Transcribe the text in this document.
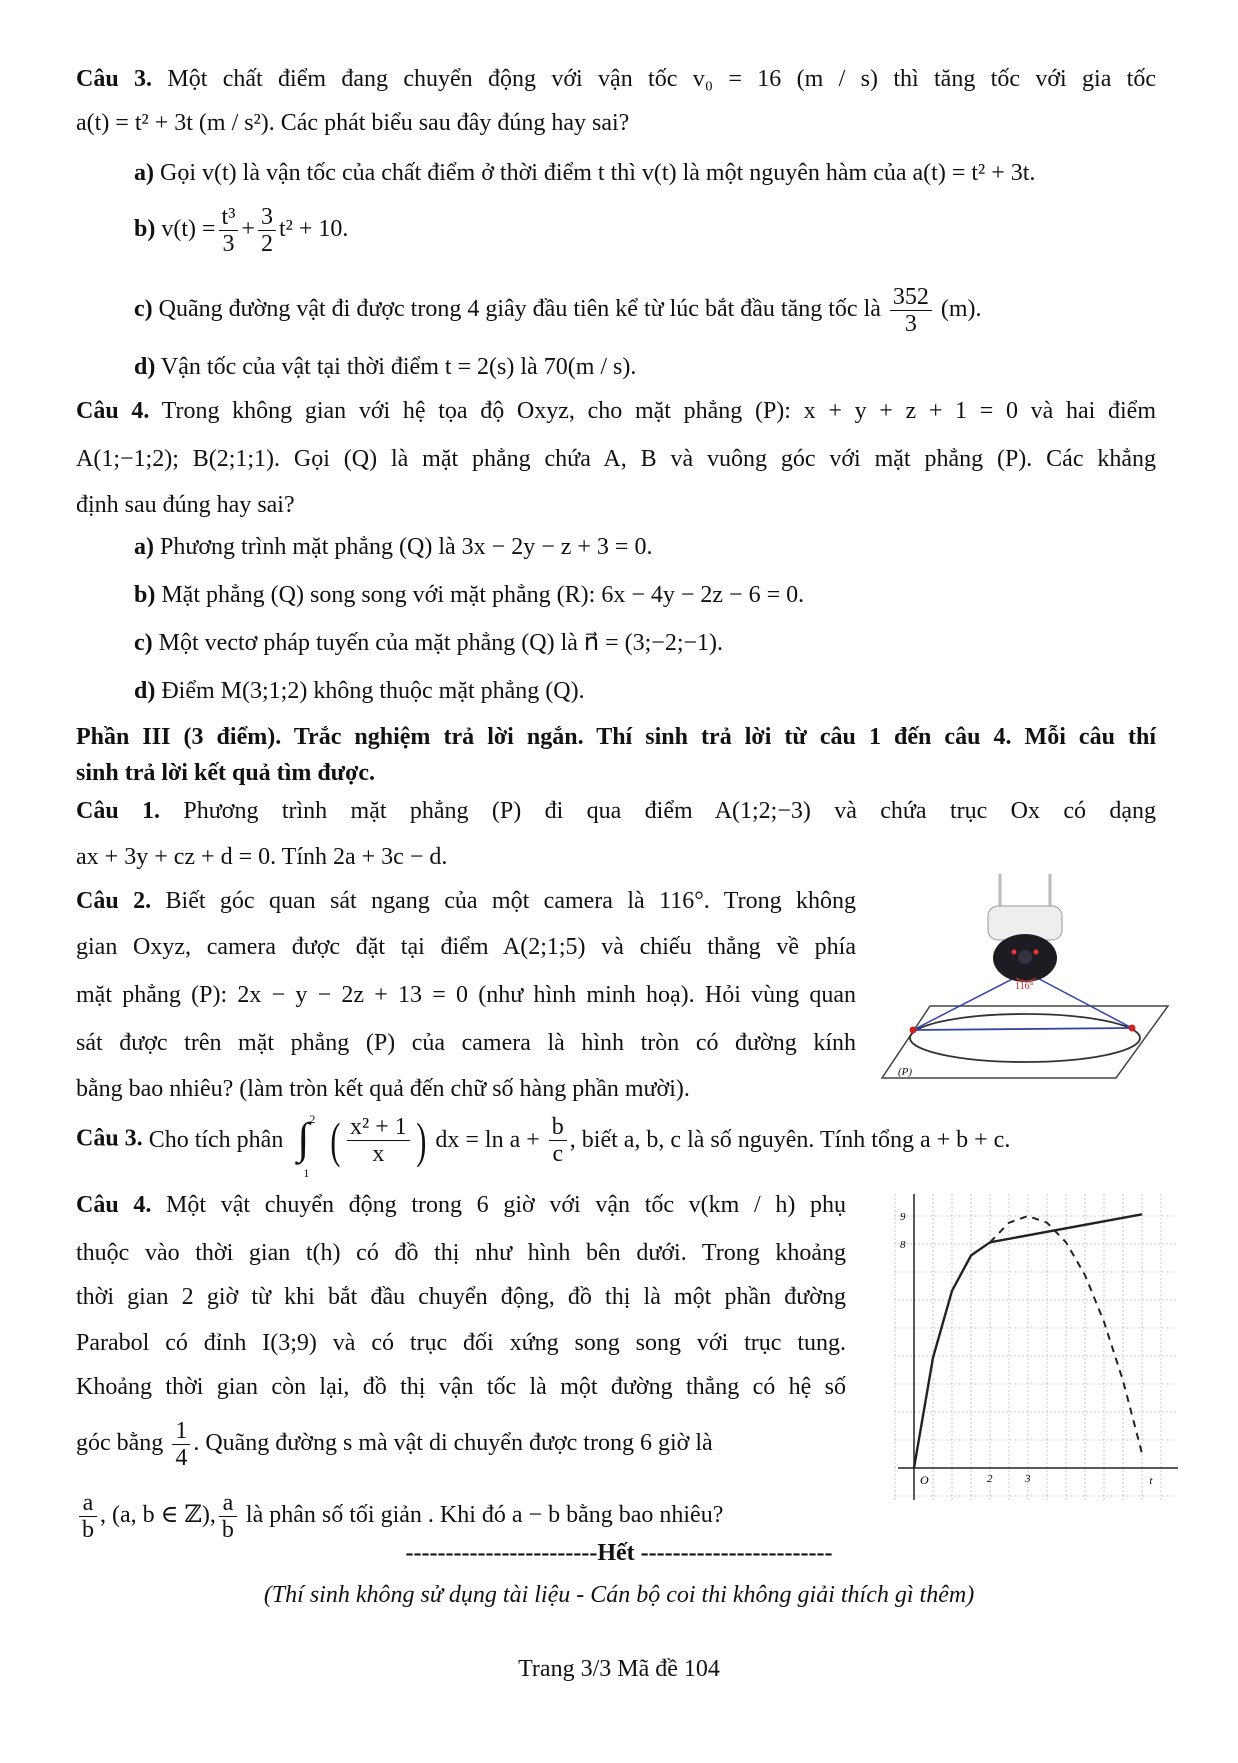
Câu 3. Một chất điểm đang chuyển động với vận tốc v₀ = 16 (m / s) thì tăng tốc với gia tốc
a(t) = t² + 3t (m / s²). Các phát biểu sau đây đúng hay sai?
a) Gọi v(t) là vận tốc của chất điểm ở thời điểm t thì v(t) là một nguyên hàm của a(t) = t² + 3t.
b) $v(t) = \frac{\text{t³}}{3} + \frac{3}{2} t^2 + 10$.
c) Quãng đường vật đi được trong 4 giây đầu tiên kể từ lúc bắt đầu tăng tốc là $\frac{352}{3} (m)$.
d) Vận tốc của vật tại thời điểm t = 2(s) là 70(m / s).
Câu 4. Trong không gian với hệ tọa độ Oxyz, cho mặt phẳng (P): x + y + z + 1 = 0 và hai điểm
A(1;−1;2); B(2;1;1). Gọi (Q) là mặt phẳng chứa A, B và vuông góc với mặt phẳng (P). Các khẳng
định sau đúng hay sai?
a) Phương trình mặt phẳng (Q) là 3x − 2y − z + 3 = 0.
b) Mặt phẳng (Q) song song với mặt phẳng (R): 6x − 4y − 2z − 6 = 0.
c) Một vectơ pháp tuyến của mặt phẳng (Q) là n⃗ = (3;−2;−1).
d) Điểm M(3;1;2) không thuộc mặt phẳng (Q).
Phần III (3 điểm). Trắc nghiệm trả lời ngắn. Thí sinh trả lời từ câu 1 đến câu 4. Mỗi câu thí
sinh trả lời kết quả tìm được.
Câu 1. Phương trình mặt phẳng (P) đi qua điểm A(1;2;−3) và chứa trục Ox có dạng
ax + 3y + cz + d = 0. Tính 2a + 3c − d.
Câu 2. Biết góc quan sát ngang của một camera là 116°. Trong không
gian Oxyz, camera được đặt tại điểm A(2;1;5) và chiếu thẳng về phía
mặt phẳng (P): 2x − y − 2z + 13 = 0 (như hình minh hoạ). Hỏi vùng quan
sát được trên mặt phẳng (P) của camera là hình tròn có đường kính
bằng bao nhiêu? (làm tròn kết quả đến chữ số hàng phần mười).
116°
(P)
Câu 3. Cho tích phân ∫ 2
1
( $\frac{\text{x² + 1}}{x}$ ) dx = $\ln a + \frac{b}{c}$ , biết a, b, c là số nguyên. Tính tổng a + b + c.
Câu 4. Một vật chuyển động trong 6 giờ với vận tốc v(km / h) phụ
thuộc vào thời gian t(h) có đồ thị như hình bên dưới. Trong khoảng
thời gian 2 giờ từ khi bắt đầu chuyển động, đồ thị là một phần đường
Parabol có đỉnh I(3;9) và có trục đối xứng song song với trục tung.
Khoảng thời gian còn lại, đồ thị vận tốc là một đường thẳng có hệ số
góc bằng $\frac{1}{4}$ . Quãng đường s mà vật di chuyển được trong 6 giờ là
$\frac{a}{b}$ , (a, b ∈ ℤ), $\frac{a}{b}$ là phân số tối giản . Khi đó a − b bằng bao nhiêu?
9
8
O	2	3	t
------------------------Hết ------------------------
(Thí sinh không sử dụng tài liệu - Cán bộ coi thi không giải thích gì thêm)
Trang 3/3 Mã đề 104
